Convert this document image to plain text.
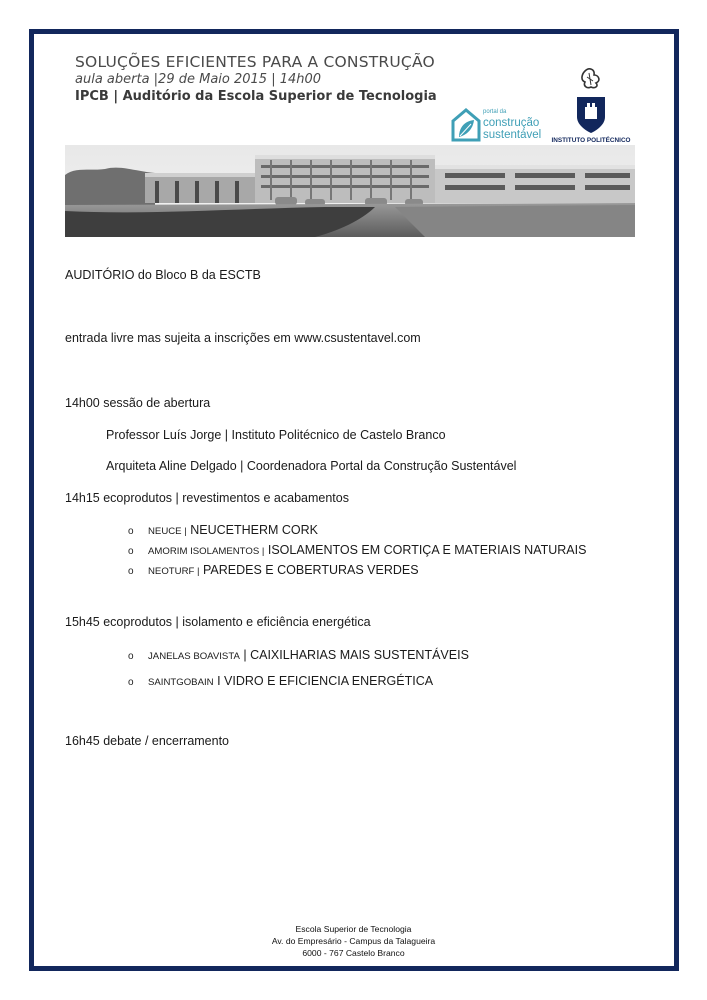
SOLUÇÕES EFICIENTES PARA A CONSTRUÇÃO
aula aberta |29 de Maio 2015 | 14h00
IPCB | Auditório da Escola Superior de Tecnologia
portal da
construção
sustentável	INSTITUTO POLITÉCNICO
AUDITÓRIO do Bloco B da ESCTB
entrada livre mas sujeita a inscrições em www.csustentavel.com
14h00 sessão de abertura
Professor Luís Jorge | Instituto Politécnico de Castelo Branco
Arquiteta Aline Delgado | Coordenadora Portal da Construção Sustentável
14h15 ecoprodutos | revestimentos e acabamentos
o NEUCE | NEUCETHERM CORK
o AMORIM ISOLAMENTOS | ISOLAMENTOS EM CORTIÇA E MATERIAIS NATURAIS
o NEOTURF | PAREDES E COBERTURAS VERDES
15h45 ecoprodutos | isolamento e eficiência energética
o JANELAS BOAVISTA | CAIXILHARIAS MAIS SUSTENTÁVEIS
o SAINTGOBAIN I VIDRO E EFICIENCIA ENERGÉTICA
16h45 debate / encerramento
Escola Superior de Tecnologia
Av. do Empresário - Campus da Talagueira
6000 - 767 Castelo Branco
